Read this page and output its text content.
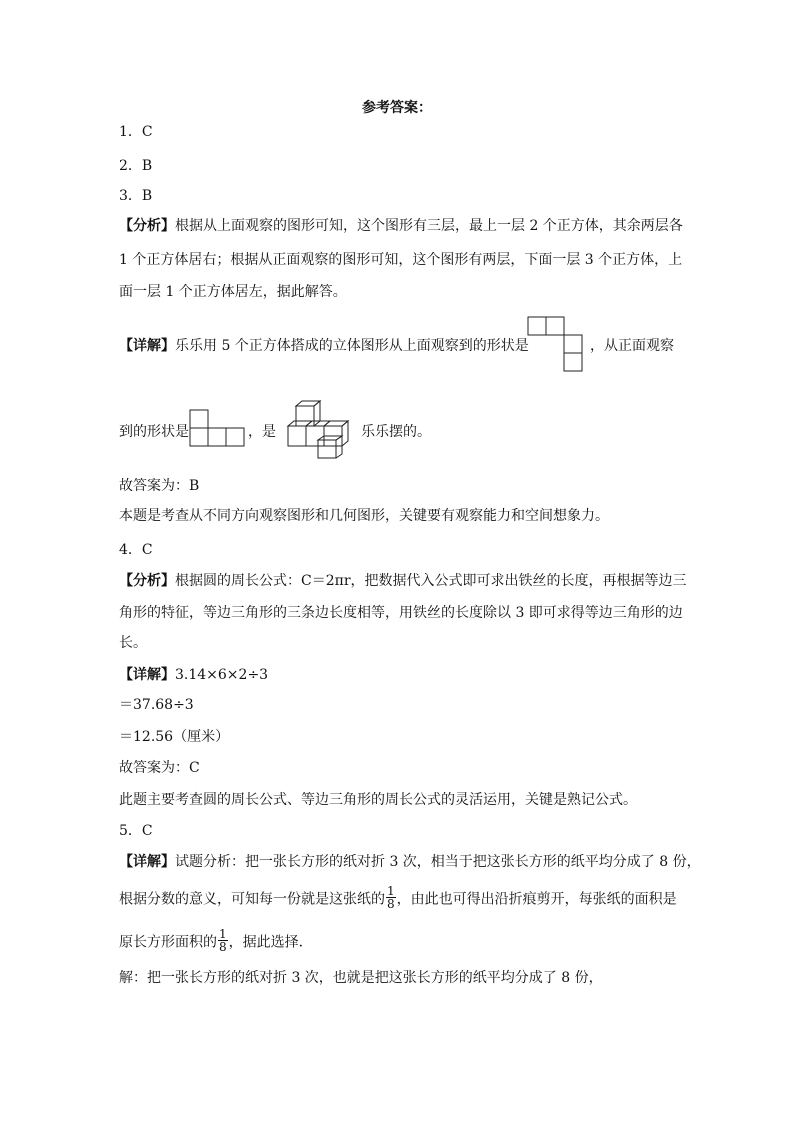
参考答案：
1．C
2．B
3．B
【分析】根据从上面观察的图形可知，这个图形有三层，最上一层 2 个正方体，其余两层各
1 个正方体居右；根据从正面观察的图形可知，这个图形有两层，下面一层 3 个正方体，上
面一层 1 个正方体居左，据此解答。
【详解】乐乐用 5 个正方体搭成的立体图形从上面观察到的形状是	，从正面观察
到的形状是	，是	乐乐摆的。
故答案为：B
本题是考查从不同方向观察图形和几何图形，关键要有观察能力和空间想象力。
4．C
【分析】根据圆的周长公式：C＝2πr，把数据代入公式即可求出铁丝的长度，再根据等边三
角形的特征，等边三角形的三条边长度相等，用铁丝的长度除以 3 即可求得等边三角形的边
长。
【详解】3.14×6×2÷3
＝37.68÷3
＝12.56（厘米）
故答案为：C
此题主要考查圆的周长公式、等边三角形的周长公式的灵活运用，关键是熟记公式。
5．C
【详解】试题分析：把一张长方形的纸对折 3 次，相当于把这张长方形的纸平均分成了 8 份，
根据分数的意义，可知每一份就是这张纸的 $\frac{1}{8}$ ，由此也可得出沿折痕剪开，每张纸的面积是
原长方形面积的 $\frac{1}{8}$ ，据此选择．
解：把一张长方形的纸对折 3 次，也就是把这张长方形的纸平均分成了 8 份，
